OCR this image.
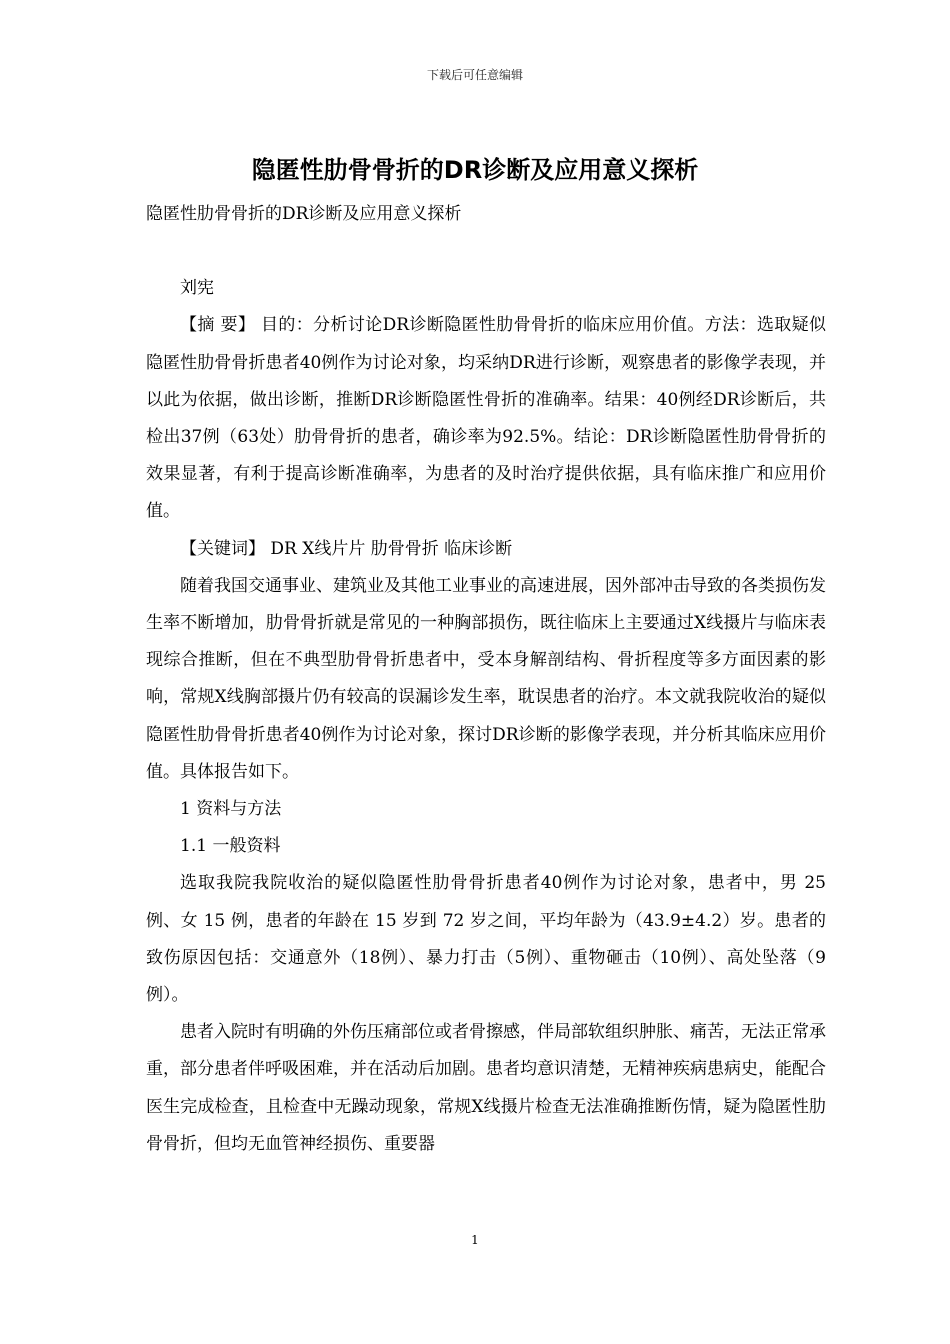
下载后可任意编辑
隐匿性肋骨骨折的DR诊断及应用意义探析

隐匿性肋骨骨折的DR诊断及应用意义探析

刘宪

【摘 要】 目的：分析讨论DR诊断隐匿性肋骨骨折的临床应用价值。方法：选取疑似隐匿性肋骨骨折患者40例作为讨论对象，均采纳DR进行诊断，观察患者的影像学表现，并以此为依据，做出诊断，推断DR诊断隐匿性骨折的准确率。结果：40例经DR诊断后，共检出37例（63处）肋骨骨折的患者，确诊率为92.5%。结论：DR诊断隐匿性肋骨骨折的效果显著，有利于提高诊断准确率，为患者的及时治疗提供依据，具有临床推广和应用价值。

【关键词】 DR X线片片 肋骨骨折 临床诊断

随着我国交通事业、建筑业及其他工业事业的高速进展，因外部冲击导致的各类损伤发生率不断增加，肋骨骨折就是常见的一种胸部损伤，既往临床上主要通过X线摄片与临床表现综合推断，但在不典型肋骨骨折患者中，受本身解剖结构、骨折程度等多方面因素的影响，常规X线胸部摄片仍有较高的误漏诊发生率，耽误患者的治疗。本文就我院收治的疑似隐匿性肋骨骨折患者40例作为讨论对象，探讨DR诊断的影像学表现，并分析其临床应用价值。具体报告如下。

1 资料与方法

1.1 一般资料

选取我院我院收治的疑似隐匿性肋骨骨折患者40例作为讨论对象，患者中，男 25 例、女 15 例，患者的年龄在 15 岁到 72 岁之间，平均年龄为（43.9±4.2）岁。患者的致伤原因包括：交通意外（18例）、暴力打击（5例）、重物砸击（10例）、高处坠落（9例）。

患者入院时有明确的外伤压痛部位或者骨擦感，伴局部软组织肿胀、痛苦，无法正常承重，部分患者伴呼吸困难，并在活动后加剧。患者均意识清楚，无精神疾病患病史，能配合医生完成检查，且检查中无躁动现象，常规X线摄片检查无法准确推断伤情，疑为隐匿性肋骨骨折，但均无血管神经损伤、重要器

1
